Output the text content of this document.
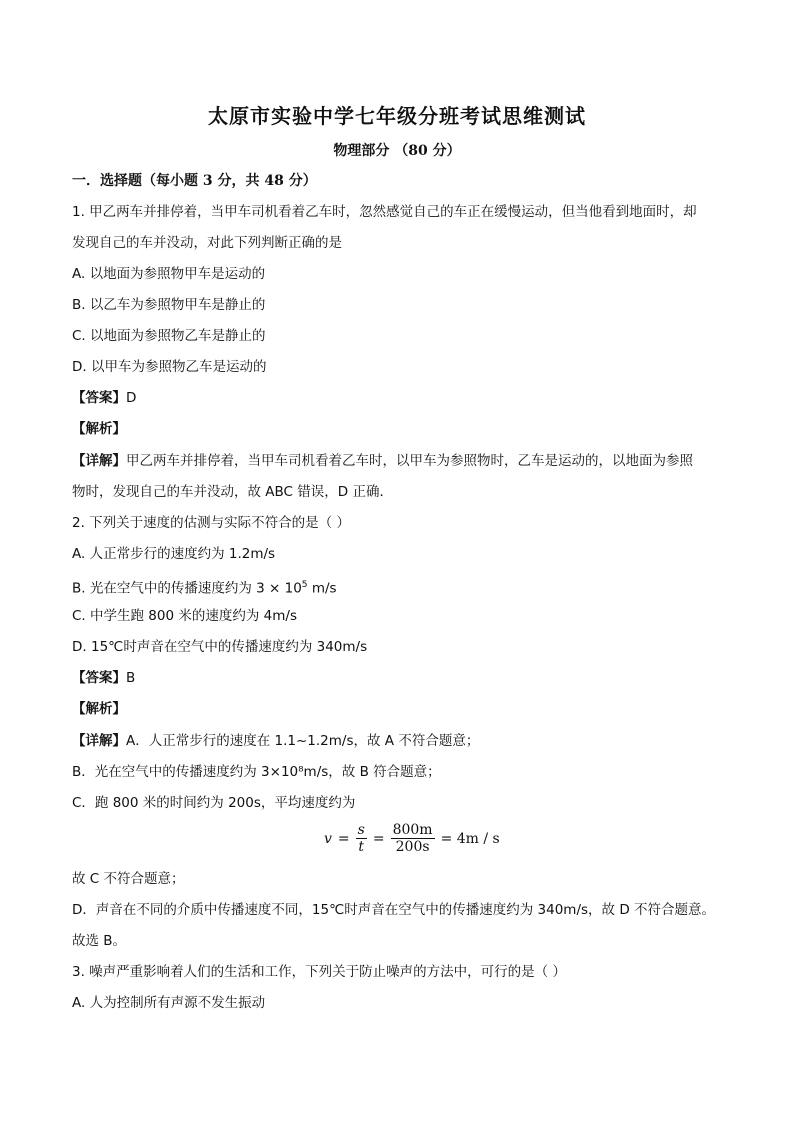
太原市实验中学七年级分班考试思维测试
物理部分 （80 分）
一．选择题（每小题 3 分，共 48 分）
1. 甲乙两车并排停着，当甲车司机看着乙车时，忽然感觉自己的车正在缓慢运动，但当他看到地面时，却
发现自己的车并没动，对此下列判断正确的是
A. 以地面为参照物甲车是运动的
B. 以乙车为参照物甲车是静止的
C. 以地面为参照物乙车是静止的
D. 以甲车为参照物乙车是运动的
【答案】D
【解析】
【详解】甲乙两车并排停着，当甲车司机看着乙车时，以甲车为参照物时，乙车是运动的，以地面为参照
物时，发现自己的车并没动，故 ABC 错误，D 正确．
2. 下列关于速度的估测与实际不符合的是（ ）
A. 人正常步行的速度约为 1.2m/s
B. 光在空气中的传播速度约为 $3 \times 10^5$ m/s
C. 中学生跑 800 米的速度约为 4m/s
D. 15℃时声音在空气中的传播速度约为 340m/s
【答案】B
【解析】
【详解】A．人正常步行的速度在 1.1~1.2m/s，故 A 不符合题意；
B．光在空气中的传播速度约为 3×10⁸m/s，故 B 符合题意；
C．跑 800 米的时间约为 200s，平均速度约为
$v = \frac{s}{t} = \frac{800m}{200s} = 4m / s$
故 C 不符合题意；
D．声音在不同的介质中传播速度不同，15℃时声音在空气中的传播速度约为 340m/s，故 D 不符合题意。
故选 B。
3. 噪声严重影响着人们的生活和工作，下列关于防止噪声的方法中，可行的是（ ）
A. 人为控制所有声源不发生振动
